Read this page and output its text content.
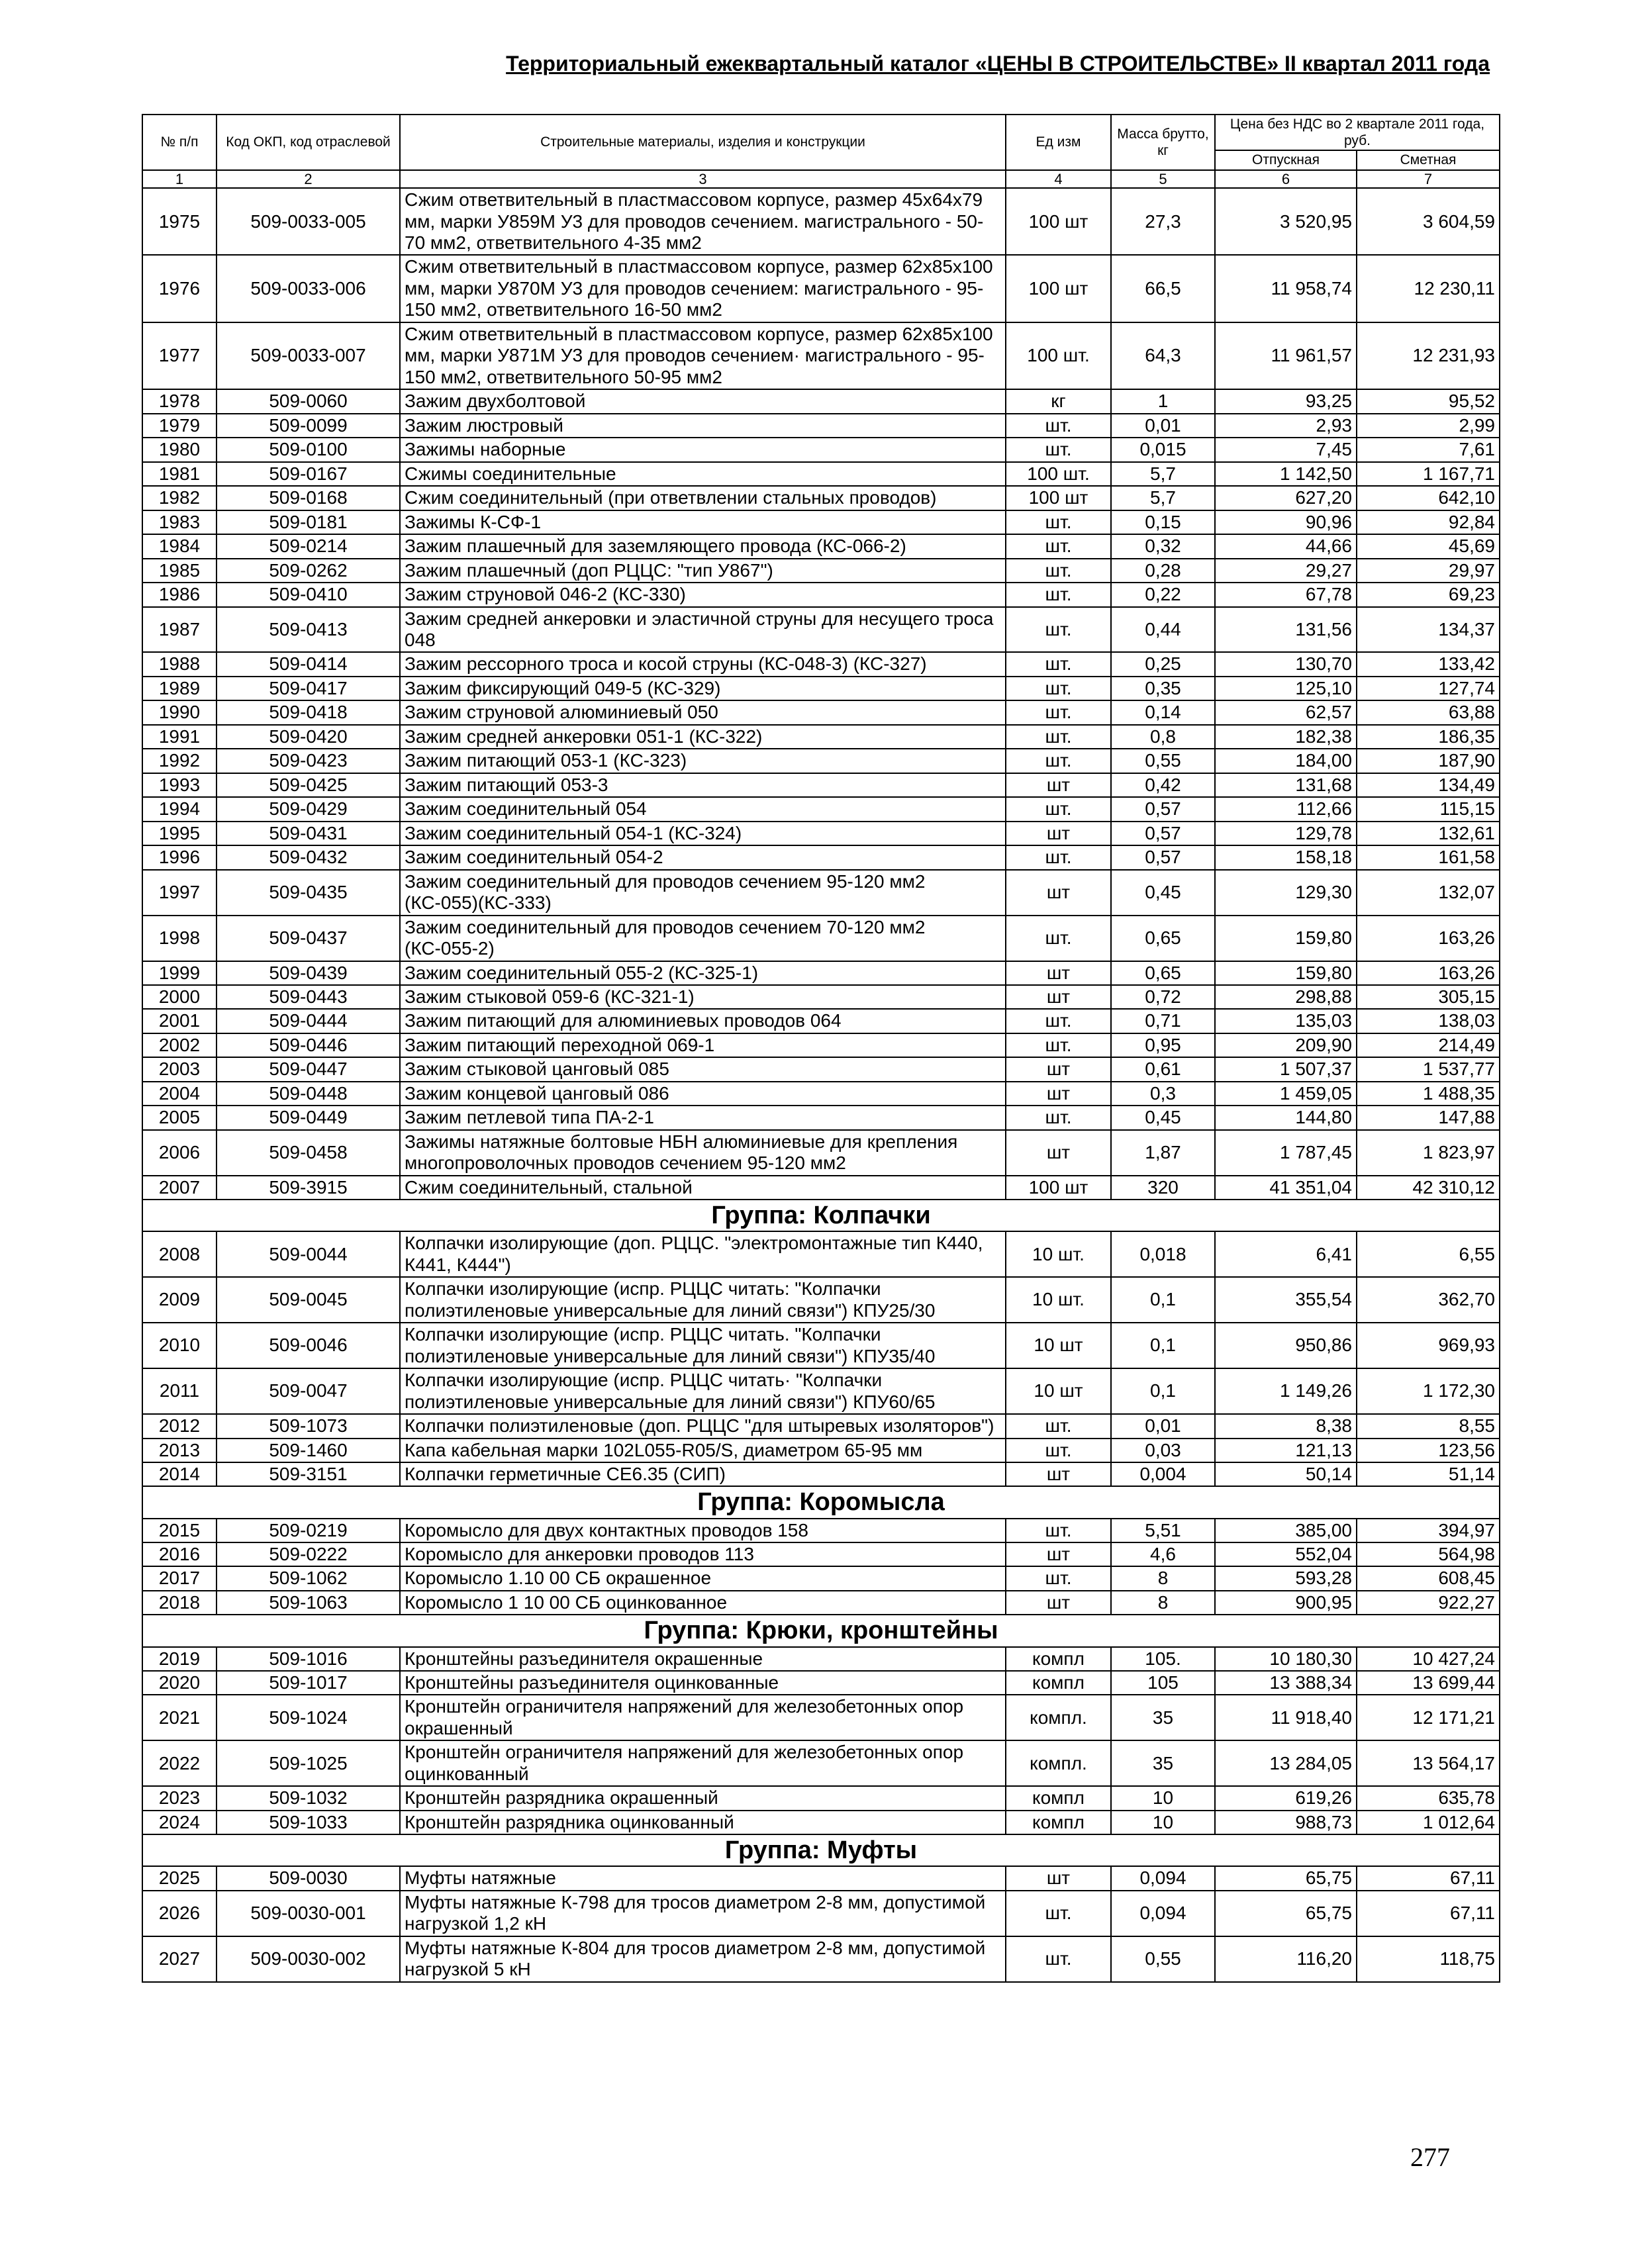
Территориальный ежеквартальный каталог «ЦЕНЫ В СТРОИТЕЛЬСТВЕ» II квартал 2011 года
№ п/п	Код ОКП, код отраслевой	Строительные материалы, изделия и конструкции	Ед изм	Масса брутто, кг	Цена без НДС во 2 квартале 2011 года, руб.	
					Отпускная	Сметная
1	2	3	4	5	6	7
1975	509-0033-005	Сжим ответвительный в пластмассовом корпусе, размер 45х64х79 мм, марки У859М У3 для проводов сечением. магистрального - 50-70 мм2, ответвительного 4-35 мм2	100 шт	27,3	3 520,95	3 604,59
1976	509-0033-006	Сжим ответвительный в пластмассовом корпусе, размер 62х85х100 мм, марки У870М У3 для проводов сечением: магистрального - 95-150 мм2, ответвительного 16-50 мм2	100 шт	66,5	11 958,74	12 230,11
1977	509-0033-007	Сжим ответвительный в пластмассовом корпусе, размер 62х85х100 мм, марки У871М У3 для проводов сечением· магистрального - 95-150 мм2, ответвительного 50-95 мм2	100 шт.	64,3	11 961,57	12 231,93
1978	509-0060	Зажим двухболтовой	кг	1	93,25	95,52
1979	509-0099	Зажим люстровый	шт.	0,01	2,93	2,99
1980	509-0100	Зажимы наборные	шт.	0,015	7,45	7,61
1981	509-0167	Сжимы соединительные	100 шт.	5,7	1 142,50	1 167,71
1982	509-0168	Сжим соединительный (при ответвлении стальных проводов)	100 шт	5,7	627,20	642,10
1983	509-0181	Зажимы К-СФ-1	шт.	0,15	90,96	92,84
1984	509-0214	Зажим плашечный для заземляющего провода (КС-066-2)	шт.	0,32	44,66	45,69
1985	509-0262	Зажим плашечный (доп РЦЦС: "тип У867")	шт.	0,28	29,27	29,97
1986	509-0410	Зажим струновой 046-2 (КС-330)	шт.	0,22	67,78	69,23
1987	509-0413	Зажим средней анкеровки и эластичной струны для несущего троса 048	шт.	0,44	131,56	134,37
1988	509-0414	Зажим рессорного троса и косой струны (КС-048-3) (КС-327)	шт.	0,25	130,70	133,42
1989	509-0417	Зажим фиксирующий 049-5 (КС-329)	шт.	0,35	125,10	127,74
1990	509-0418	Зажим струновой алюминиевый 050	шт.	0,14	62,57	63,88
1991	509-0420	Зажим средней анкеровки 051-1 (КС-322)	шт.	0,8	182,38	186,35
1992	509-0423	Зажим питающий 053-1 (КС-323)	шт.	0,55	184,00	187,90
1993	509-0425	Зажим питающий 053-3	шт	0,42	131,68	134,49
1994	509-0429	Зажим соединительный 054	шт.	0,57	112,66	115,15
1995	509-0431	Зажим соединительный 054-1 (КС-324)	шт	0,57	129,78	132,61
1996	509-0432	Зажим соединительный 054-2	шт.	0,57	158,18	161,58
1997	509-0435	Зажим соединительный для проводов сечением 95-120 мм2 (КС-055)(КС-333)	шт	0,45	129,30	132,07
1998	509-0437	Зажим соединительный для проводов сечением 70-120 мм2 (КС-055-2)	шт.	0,65	159,80	163,26
1999	509-0439	Зажим соединительный 055-2 (КС-325-1)	шт	0,65	159,80	163,26
2000	509-0443	Зажим стыковой 059-6 (КС-321-1)	шт	0,72	298,88	305,15
2001	509-0444	Зажим питающий для алюминиевых проводов 064	шт.	0,71	135,03	138,03
2002	509-0446	Зажим питающий переходной 069-1	шт.	0,95	209,90	214,49
2003	509-0447	Зажим стыковой цанговый 085	шт	0,61	1 507,37	1 537,77
2004	509-0448	Зажим концевой цанговый 086	шт	0,3	1 459,05	1 488,35
2005	509-0449	Зажим петлевой типа ПА-2-1	шт.	0,45	144,80	147,88
2006	509-0458	Зажимы натяжные болтовые НБН алюминиевые для крепления многопроволочных проводов сечением 95-120 мм2	шт	1,87	1 787,45	1 823,97
2007	509-3915	Сжим соединительный, стальной	100 шт	320	41 351,04	42 310,12
Группа: Колпачки						
2008	509-0044	Колпачки изолирующие (доп. РЦЦС. "электромонтажные тип К440, К441, К444")	10 шт.	0,018	6,41	6,55
2009	509-0045	Колпачки изолирующие (испр. РЦЦС читать: "Колпачки полиэтиленовые универсальные для линий связи") КПУ25/30	10 шт.	0,1	355,54	362,70
2010	509-0046	Колпачки изолирующие (испр. РЦЦС читать. "Колпачки полиэтиленовые универсальные для линий связи") КПУ35/40	10 шт	0,1	950,86	969,93
2011	509-0047	Колпачки изолирующие (испр. РЦЦС читать· "Колпачки полиэтиленовые универсальные для линий связи") КПУ60/65	10 шт	0,1	1 149,26	1 172,30
2012	509-1073	Колпачки полиэтиленовые (доп. РЦЦС "для штыревых изоляторов")	шт.	0,01	8,38	8,55
2013	509-1460	Капа кабельная марки 102L055-R05/S, диаметром 65-95 мм	шт.	0,03	121,13	123,56
2014	509-3151	Колпачки герметичные СЕ6.35 (СИП)	шт	0,004	50,14	51,14
Группа: Коромысла						
2015	509-0219	Коромысло для двух контактных проводов 158	шт.	5,51	385,00	394,97
2016	509-0222	Коромысло для анкеровки проводов 113	шт	4,6	552,04	564,98
2017	509-1062	Коромысло 1.10 00 СБ окрашенное	шт.	8	593,28	608,45
2018	509-1063	Коромысло 1 10 00 СБ оцинкованное	шт	8	900,95	922,27
Группа: Крюки, кронштейны						
2019	509-1016	Кронштейны разъединителя окрашенные	компл	105.	10 180,30	10 427,24
2020	509-1017	Кронштейны разъединителя оцинкованные	компл	105	13 388,34	13 699,44
2021	509-1024	Кронштейн ограничителя напряжений для железобетонных опор окрашенный	компл.	35	11 918,40	12 171,21
2022	509-1025	Кронштейн ограничителя напряжений для железобетонных опор оцинкованный	компл.	35	13 284,05	13 564,17
2023	509-1032	Кронштейн разрядника окрашенный	компл	10	619,26	635,78
2024	509-1033	Кронштейн разрядника оцинкованный	компл	10	988,73	1 012,64
Группа: Муфты						
2025	509-0030	Муфты натяжные	шт	0,094	65,75	67,11
2026	509-0030-001	Муфты натяжные К-798 для тросов диаметром 2-8 мм, допустимой нагрузкой 1,2 кН	шт.	0,094	65,75	67,11
2027	509-0030-002	Муфты натяжные К-804 для тросов диаметром 2-8 мм, допустимой нагрузкой 5 кН	шт.	0,55	116,20	118,75
277
